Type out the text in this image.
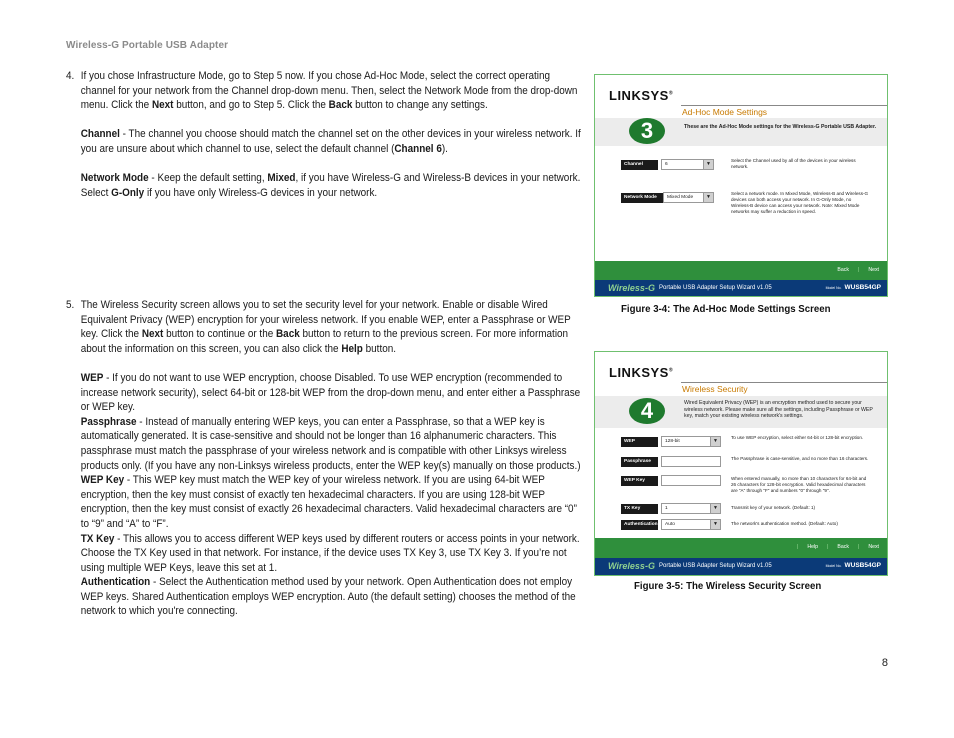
Wireless-G Portable USB Adapter
4. If you chose Infrastructure Mode, go to Step 5 now. If you chose Ad-Hoc Mode, select the correct operating channel for your network from the Channel drop-down menu. Then, select the Network Mode from the drop-down menu. Click the Next button, and go to Step 5. Click the Back button to change any settings.

Channel - The channel you choose should match the channel set on the other devices in your wireless network. If you are unsure about which channel to use, select the default channel (Channel 6).

Network Mode - Keep the default setting, Mixed, if you have Wireless-G and Wireless-B devices in your network. Select G-Only if you have only Wireless-G devices in your network.

5. The Wireless Security screen allows you to set the security level for your network. Enable or disable Wired Equivalent Privacy (WEP) encryption for your wireless network. If you enable WEP, enter a Passphrase or WEP key. Click the Next button to continue or the Back button to return to the previous screen. For more information about the information on this screen, you can also click the Help button.

WEP - If you do not want to use WEP encryption, choose Disabled. To use WEP encryption (recommended to increase network security), select 64-bit or 128-bit WEP from the drop-down menu, and enter either a Passphrase or WEP key.

Passphrase - Instead of manually entering WEP keys, you can enter a Passphrase, so that a WEP key is automatically generated. It is case-sensitive and should not be longer than 16 alphanumeric characters. This passphrase must match the passphrase of your wireless network and is compatible with other Linksys wireless products only. (If you have any non-Linksys wireless products, enter the WEP key(s) manually on those products.)

WEP Key - This WEP key must match the WEP key of your wireless network. If you are using 64-bit WEP encryption, then the key must consist of exactly ten hexadecimal characters. If you are using 128-bit WEP encryption, then the key must consist of exactly 26 hexadecimal characters. Valid hexadecimal characters are “0” to “9” and “A” to “F”.

TX Key - This allows you to access different WEP keys used by different routers or access points in your network. Choose the TX Key used in that network. For instance, if the device uses TX Key 3, use TX Key 3. If you’re not using multiple WEP Keys, leave this set at 1.

Authentication - Select the Authentication method used by your network. Open Authentication does not employ WEP keys. Shared Authentication employs WEP encryption. Auto (the default setting) chooses the method of the network to which you're connecting.

LINKSYS®
Ad-Hoc Mode Settings
3	These are the Ad-Hoc Mode settings for the Wireless-G Portable USB Adapter.
Channel	6	▼
Select the Channel used by all of the devices in your wireless network.
Network Mode	Mixed Mode	▼
Select a network mode. In Mixed Mode, Wireless-B and Wireless-G devices can both access your network. In G-Only Mode, no Wireless-B device can access your network. Note: Mixed Mode networks may suffer a reduction in speed.
Back | Next
Wireless-G Portable USB Adapter Setup Wizard v1.05	Model No. WUSB54GP
Figure 3-4: The Ad-Hoc Mode Settings Screen
LINKSYS®
Wireless Security
4	Wired Equivalent Privacy (WEP) is an encryption method used to secure your wireless network. Please make sure all the settings, including Passphrase or WEP key, match your existing wireless network's settings.
WEP	128-bit	▼
To use WEP encryption, select either 64-bit or 128-bit encryption.
Passphrase
The Passphrase is case-sensitive, and no more than 16 characters.
WEP Key	When entered manually, no more than 10 characters for 64-bit and 26 characters for 128-bit encryption. Valid hexadecimal characters are "A" through "F" and numbers "0" through "9".
TX Key	1	▼	Transmit key of your network. (Default: 1)
Authentication	Auto	▼	The network's authentication method. (Default: Auto)
| Help | Back | Next
Wireless-G Portable USB Adapter Setup Wizard v1.05	Model No. WUSB54GP
Figure 3-5: The Wireless Security Screen
8
